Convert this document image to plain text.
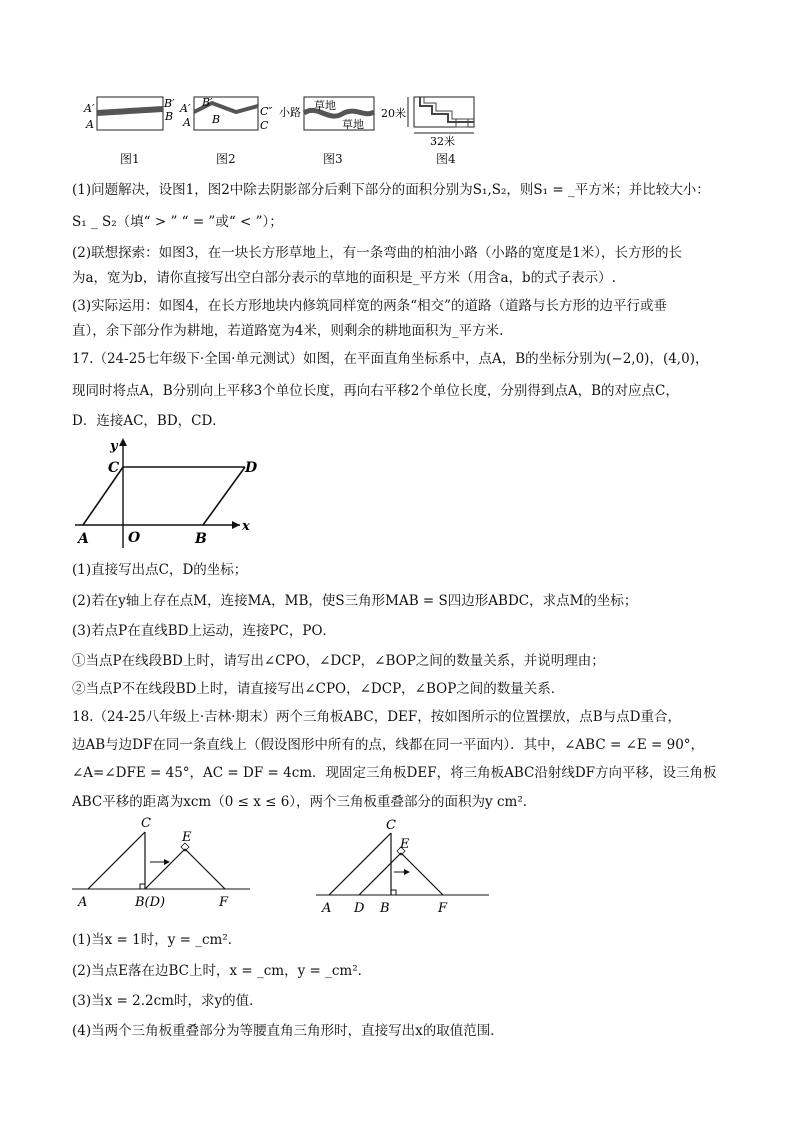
A′
A
B′
B
A′
A
B′
B
C″
C
小路
草地
草地
20米
32米
图1	图2	图3	图4
(1)问题解决，设图1，图2中除去阴影部分后剩下部分的面积分别为S₁,S₂，则S₁ = _平方米；并比较大小：
S₁ _ S₂（填“ > ” “ = ”或“ < ”）；
(2)联想探索：如图3，在一块长方形草地上，有一条弯曲的柏油小路（小路的宽度是1米），长方形的长
为a，宽为b，请你直接写出空白部分表示的草地的面积是_平方米（用含a，b的式子表示）.
(3)实际运用：如图4，在长方形地块内修筑同样宽的两条“相交”的道路（道路与长方形的边平行或垂
直），余下部分作为耕地，若道路宽为4米，则剩余的耕地面积为_平方米.
17.（24-25七年级下·全国·单元测试）如图，在平面直角坐标系中，点A，B的坐标分别为(−2,0)，(4,0)，
现同时将点A，B分别向上平移3个单位长度，再向右平移2个单位长度，分别得到点A，B的对应点C，
D．连接AC，BD，CD．
y
x
C	D
A	O	B
(1)直接写出点C，D的坐标；
(2)若在y轴上存在点M，连接MA，MB，使S三角形MAB = S四边形ABDC，求点M的坐标；
(3)若点P在直线BD上运动，连接PC，PO．
①当点P在线段BD上时，请写出∠CPO，∠DCP，∠BOP之间的数量关系，并说明理由；
②当点P不在线段BD上时，请直接写出∠CPO，∠DCP，∠BOP之间的数量关系．
18.（24-25八年级上·吉林·期末）两个三角板ABC，DEF，按如图所示的位置摆放，点B与点D重合，
边AB与边DF在同一条直线上（假设图形中所有的点，线都在同一平面内）．其中，∠ABC = ∠E = 90°，
∠A=∠DFE = 45°，AC = DF = 4cm．现固定三角板DEF，将三角板ABC沿射线DF方向平移，设三角板
ABC平移的距离为xcm（0 ≤ x ≤ 6），两个三角板重叠部分的面积为y cm²．
C
E
A	B(D)	F
C
E
A D B	F
(1)当x = 1时，y = _cm²．
(2)当点E落在边BC上时，x = _cm，y = _cm²．
(3)当x = 2.2cm时，求y的值．
(4)当两个三角板重叠部分为等腰直角三角形时，直接写出x的取值范围．
